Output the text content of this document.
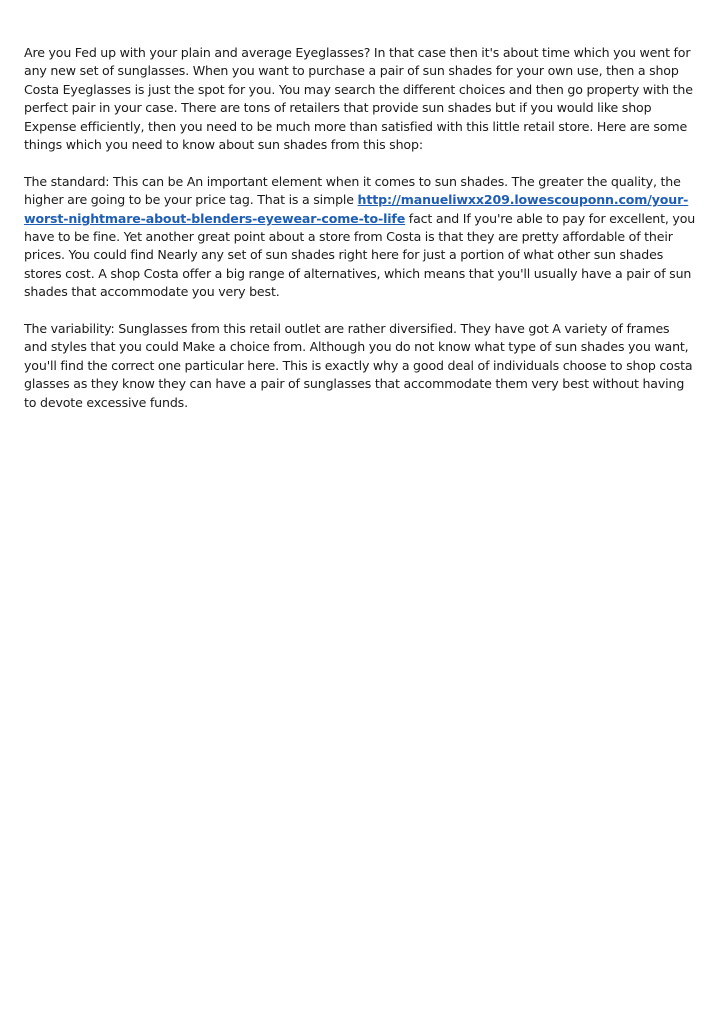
Are you Fed up with your plain and average Eyeglasses? In that case then it's about time which you went for any new set of sunglasses. When you want to purchase a pair of sun shades for your own use, then a shop Costa Eyeglasses is just the spot for you. You may search the different choices and then go property with the perfect pair in your case. There are tons of retailers that provide sun shades but if you would like shop Expense efficiently, then you need to be much more than satisfied with this little retail store. Here are some things which you need to know about sun shades from this shop:

The standard: This can be An important element when it comes to sun shades. The greater the quality, the higher are going to be your price tag. That is a simple http://manueliwxx209.lowescouponn.com/your-worst-nightmare-about-blenders-eyewear-come-to-life fact and If you're able to pay for excellent, you have to be fine. Yet another great point about a store from Costa is that they are pretty affordable of their prices. You could find Nearly any set of sun shades right here for just a portion of what other sun shades stores cost. A shop Costa offer a big range of alternatives, which means that you'll usually have a pair of sun shades that accommodate you very best.

The variability: Sunglasses from this retail outlet are rather diversified. They have got A variety of frames and styles that you could Make a choice from. Although you do not know what type of sun shades you want, you'll find the correct one particular here. This is exactly why a good deal of individuals choose to shop costa glasses as they know they can have a pair of sunglasses that accommodate them very best without having to devote excessive funds.
